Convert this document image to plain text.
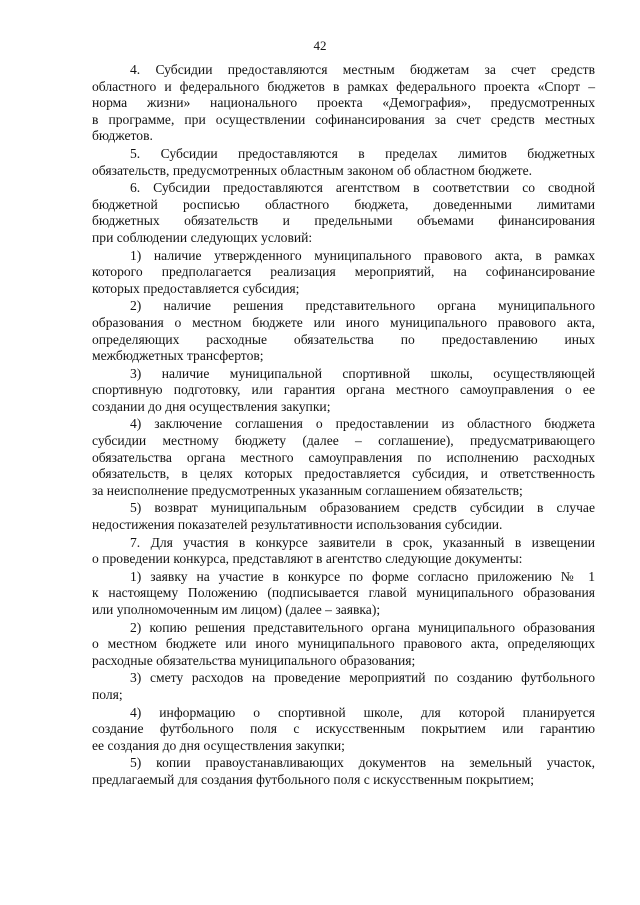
42
4. Субсидии предоставляются местным бюджетам за счет средств
областного и федерального бюджетов в рамках федерального проекта «Спорт –
норма жизни» национального проекта «Демография», предусмотренных
в программе, при осуществлении софинансирования за счет средств местных
бюджетов.
5. Субсидии предоставляются в пределах лимитов бюджетных
обязательств, предусмотренных областным законом об областном бюджете.
6. Субсидии предоставляются агентством в соответствии со сводной
бюджетной росписью областного бюджета, доведенными лимитами
бюджетных обязательств и предельными объемами финансирования
при соблюдении следующих условий:
1) наличие утвержденного муниципального правового акта, в рамках
которого предполагается реализация мероприятий, на софинансирование
которых предоставляется субсидия;
2) наличие решения представительного органа муниципального
образования о местном бюджете или иного муниципального правового акта,
определяющих расходные обязательства по предоставлению иных
межбюджетных трансфертов;
3) наличие муниципальной спортивной школы, осуществляющей
спортивную подготовку, или гарантия органа местного самоуправления о ее
создании до дня осуществления закупки;
4) заключение соглашения о предоставлении из областного бюджета
субсидии местному бюджету (далее – соглашение), предусматривающего
обязательства органа местного самоуправления по исполнению расходных
обязательств, в целях которых предоставляется субсидия, и ответственность
за неисполнение предусмотренных указанным соглашением обязательств;
5) возврат муниципальным образованием средств субсидии в случае
недостижения показателей результативности использования субсидии.
7. Для участия в конкурсе заявители в срок, указанный в извещении
о проведении конкурса, представляют в агентство следующие документы:
1) заявку на участие в конкурсе по форме согласно приложению № 1
к настоящему Положению (подписывается главой муниципального образования
или уполномоченным им лицом) (далее – заявка);
2) копию решения представительного органа муниципального образования
о местном бюджете или иного муниципального правового акта, определяющих
расходные обязательства муниципального образования;
3) смету расходов на проведение мероприятий по созданию футбольного
поля;
4) информацию о спортивной школе, для которой планируется
создание футбольного поля с искусственным покрытием или гарантию
ее создания до дня осуществления закупки;
5) копии правоустанавливающих документов на земельный участок,
предлагаемый для создания футбольного поля с искусственным покрытием;
